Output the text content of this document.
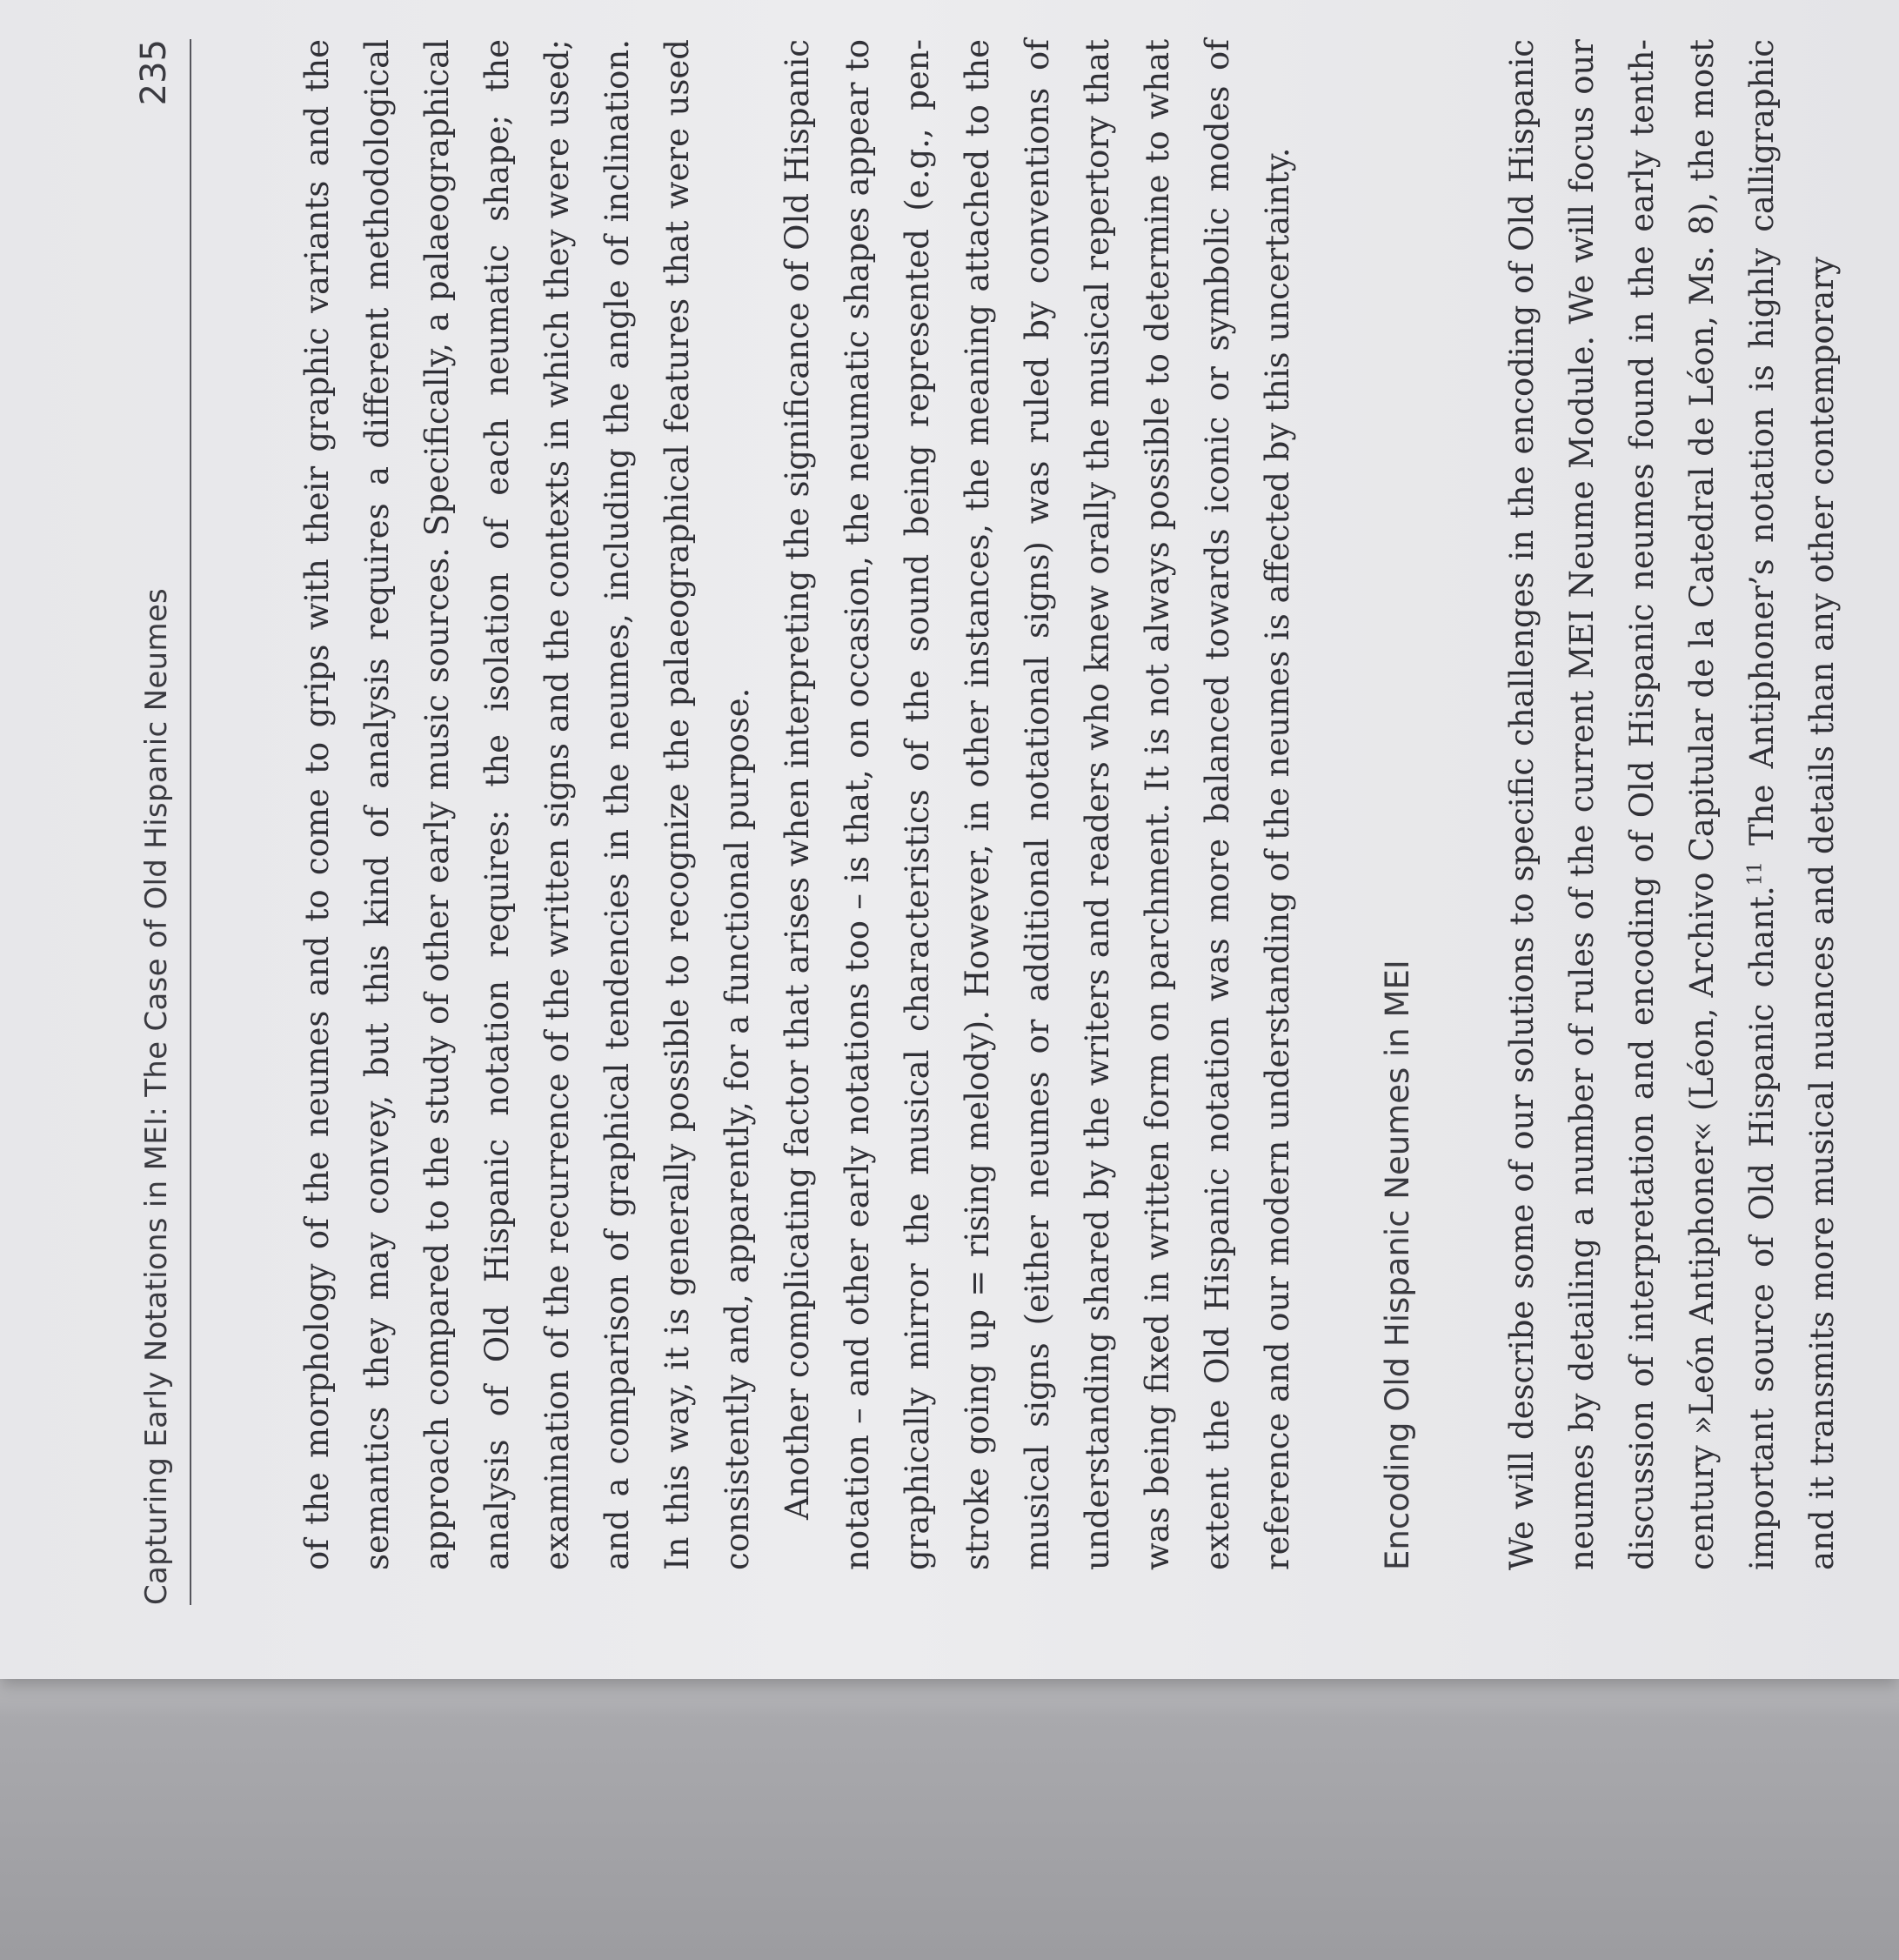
Capturing Early Notations in MEI: The Case of Old Hispanic Neumes
235	of the morphology of the neumes and to come to grips with their graphic variants and the semantics they may convey, but this kind of analysis requires a different methodological approach compared to the study of other early music sources. Specifically, a palaeographical analysis of Old Hispanic notation requires: the isolation of each neumatic shape; the examination of the recurrence of the written signs and the contexts in which they were used; and a comparison of graphical tendencies in the neumes, including the angle of inclination. In this way, it is generally possible to recognize the palaeographical features that were used consistently and, apparently, for a functional purpose. Another complicating factor that arises when interpreting the significance of Old Hispanic notation – and other early notations too – is that, on occasion, the neumatic shapes appear to graphically mirror the musical characteristics of the sound being represented (e.g., pen-stroke going up = rising melody). However, in other instances, the meaning attached to the musical signs (either neumes or additional notational signs) was ruled by conventions of understanding shared by the writers and readers who knew orally the musical repertory that was being fixed in written form on parchment. It is not always possible to determine to what extent the Old Hispanic notation was more balanced towards iconic or symbolic modes of reference and our modern understanding of the neumes is affected by this uncertainty.	Encoding Old Hispanic Neumes in MEI	We will describe some of our solutions to specific challenges in the encoding of Old Hispanic neumes by detailing a number of rules of the current MEI Neume Module. We will focus our discussion of interpretation and encoding of Old Hispanic neumes found in the early tenth-century »León Antiphoner« (Léon, Archivo Capitular de la Catedral de Léon, Ms. 8), the most important source of Old Hispanic chant.$^{11}$ The Antiphoner’s notation is highly calligraphic and it transmits more musical nuances and details than any other contemporary
